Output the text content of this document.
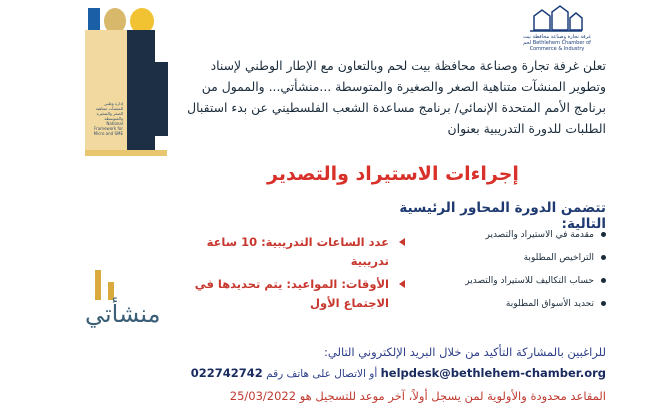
غرفة تجارة وصناعة محافظة بيت لحم Bethlehem Chamber of Commerce & Industry
إدارة وطني للمنشآت متناهية الصغر والصغيرة والمتوسطة National Framework for Micro and SME
منشأتي
تعلن غرفة تجارة وصناعة محافظة بيت لحم وبالتعاون مع الإطار الوطني لإسناد وتطوير المنشآت متناهية الصغر والصغيرة والمتوسطة ...منشأتي... والممول من برنامج الأمم المتحدة الإنمائي/ برنامج مساعدة الشعب الفلسطيني عن بدء استقبال الطلبات للدورة التدريبية بعنوان
إجراءات الاستيراد والتصدير
تتضمن الدورة المحاور الرئيسية التالية:
مقدمة في الاستيراد والتصدير
التراخيص المطلوبة
حساب التكاليف للاستيراد والتصدير
تحديد الأسواق المطلوبة
عدد الساعات التدريبية: 10 ساعة تدريبية
الأوقات: المواعيد: يتم تحديدها في الاجتماع الأول
للراغبين بالمشاركة التأكيد من خلال البريد الإلكتروني التالي:
helpdesk@bethlehem-chamber.org أو الاتصال على هاتف رقم 022742742
المقاعد محدودة والأولوية لمن يسجل أولاً، آخر موعد للتسجيل هو 25/03/2022
